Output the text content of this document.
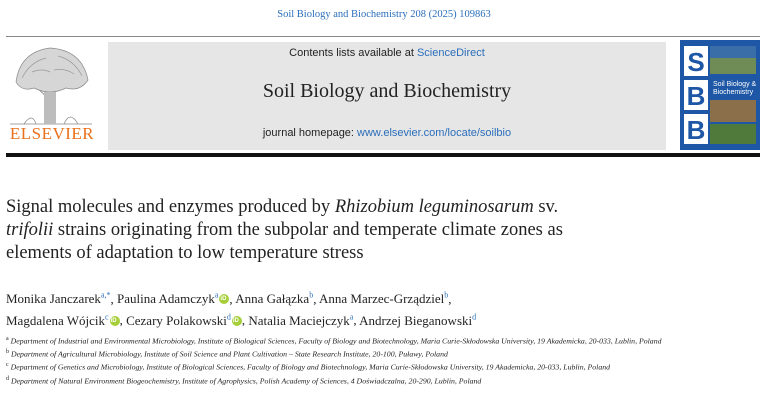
Soil Biology and Biochemistry 208 (2025) 109863
ELSEVIER
Contents lists available at ScienceDirect
Soil Biology and Biochemistry
journal homepage: www.elsevier.com/locate/soilbio
S
B
B
Soil Biology &
Biochemistry
Signal molecules and enzymes produced by Rhizobium leguminosarum sv.
trifolii strains originating from the subpolar and temperate climate zones as
elements of adaptation to low temperature stress
Monika Janczarek$^{a,*}$, Paulina Adamczyk$^a$ iD , Anna Gałązka$^b$, Anna Marzec-Grządziel$^b$,
Magdalena Wójcik$^c$ iD , Cezary Polakowski$^d$ iD , Natalia Maciejczyk$^a$, Andrzej Bieganowski$^d$
$^a$ Department of Industrial and Environmental Microbiology, Institute of Biological Sciences, Faculty of Biology and Biotechnology, Maria Curie-Skłodowska University, 19 Akademicka, 20-033, Lublin, Poland
$^b$ Department of Agricultural Microbiology, Institute of Soil Science and Plant Cultivation – State Research Institute, 20-100, Puławy, Poland
$^c$ Department of Genetics and Microbiology, Institute of Biological Sciences, Faculty of Biology and Biotechnology, Maria Curie-Skłodowska University, 19 Akademicka, 20-033, Lublin, Poland
$^d$ Department of Natural Environment Biogeochemistry, Institute of Agrophysics, Polish Academy of Sciences, 4 Doświadczalna, 20-290, Lublin, Poland
